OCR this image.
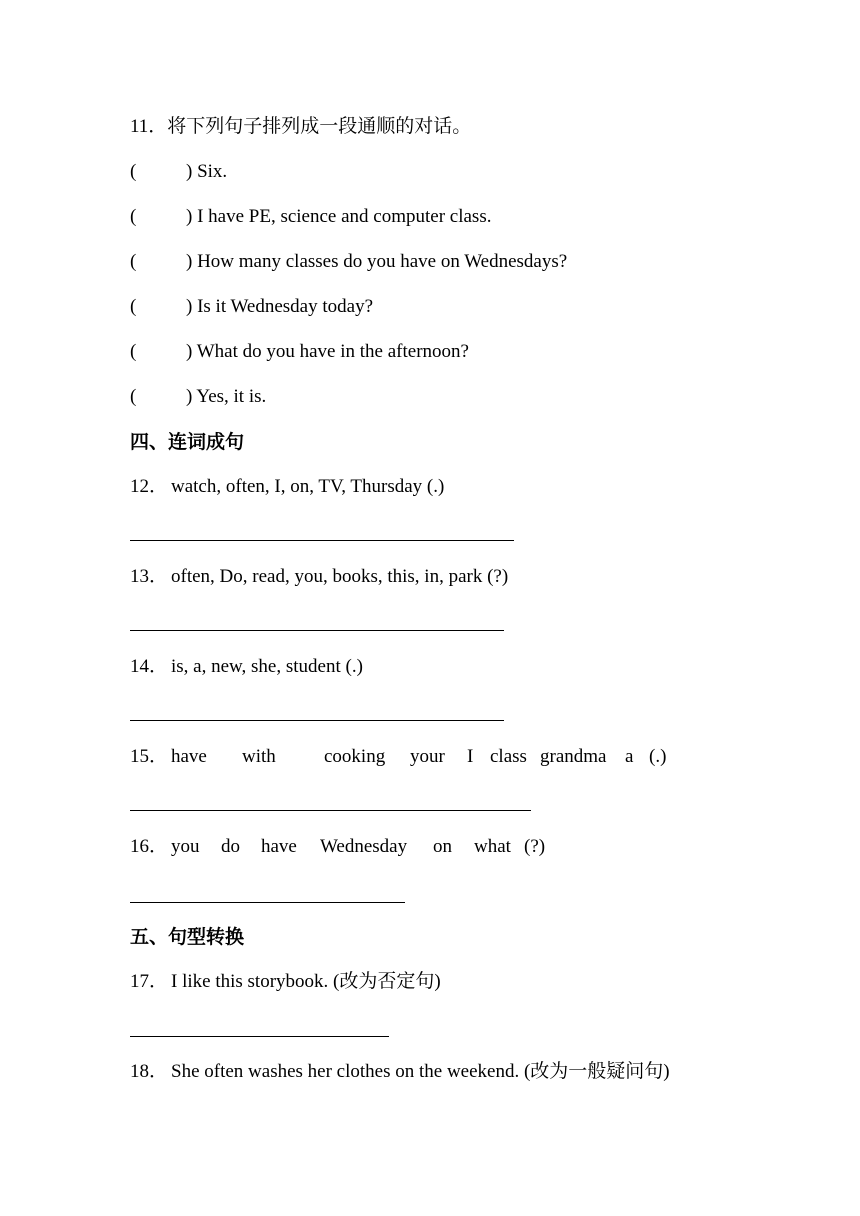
11．将下列句子排列成一段通顺的对话。
(	) Six.
(	) I have PE, science and computer class.
(	) How many classes do you have on Wednesdays?
(	) Is it Wednesday today?
(	) What do you have in the afternoon?
(	) Yes, it is.
四、连词成句
12． watch, often, I, on, TV, Thursday (.)
13． often, Do, read, you, books, this, in, park (?)
14． is, a, new, she, student (.)
15． have with	cooking your I class grandma a (.)
16． you do have Wednesday on what (?)
五、句型转换
17． I like this storybook. (改为否定句)
18． She often washes her clothes on the weekend. (改为一般疑问句)
